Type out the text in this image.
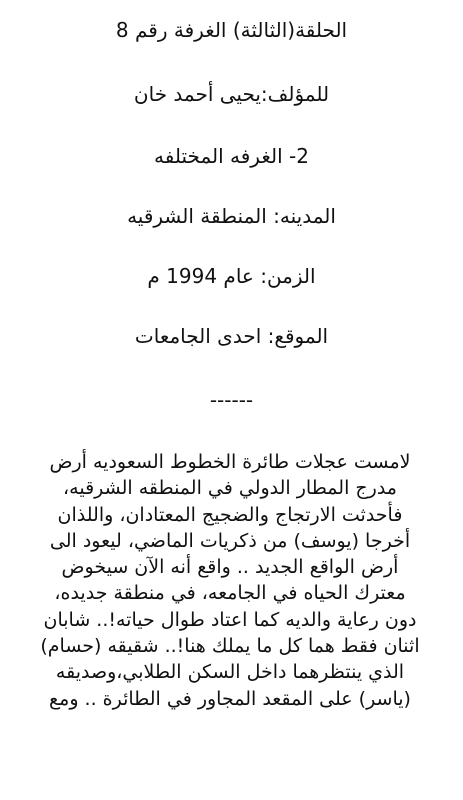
الحلقة(الثالثة) الغرفة رقم 8

للمؤلف:يحيى أحمد خان

2- الغرفه المختلفه

المدينه: المنطقة الشرقيه

الزمن: عام 1994 م

الموقع: احدى الجامعات

------

لامست عجلات طائرة الخطوط السعوديه أرض

مدرج المطار الدولي في المنطقه الشرقيه،

فأحدثت الارتجاج والضجيج المعتادان، واللذان

أخرجا (يوسف) من ذكريات الماضي، ليعود الى

أرض الواقع الجديد .. واقع أنه الآن سيخوض

معترك الحياه في الجامعه، في منطقة جديده،

دون رعاية والديه كما اعتاد طوال حياته!.. شابان

اثنان فقط هما كل ما يملك هنا!.. شقيقه (حسام)

الذي ينتظرهما داخل السكن الطلابي،وصديقه

(ياسر) على المقعد المجاور في الطائرة .. ومع
